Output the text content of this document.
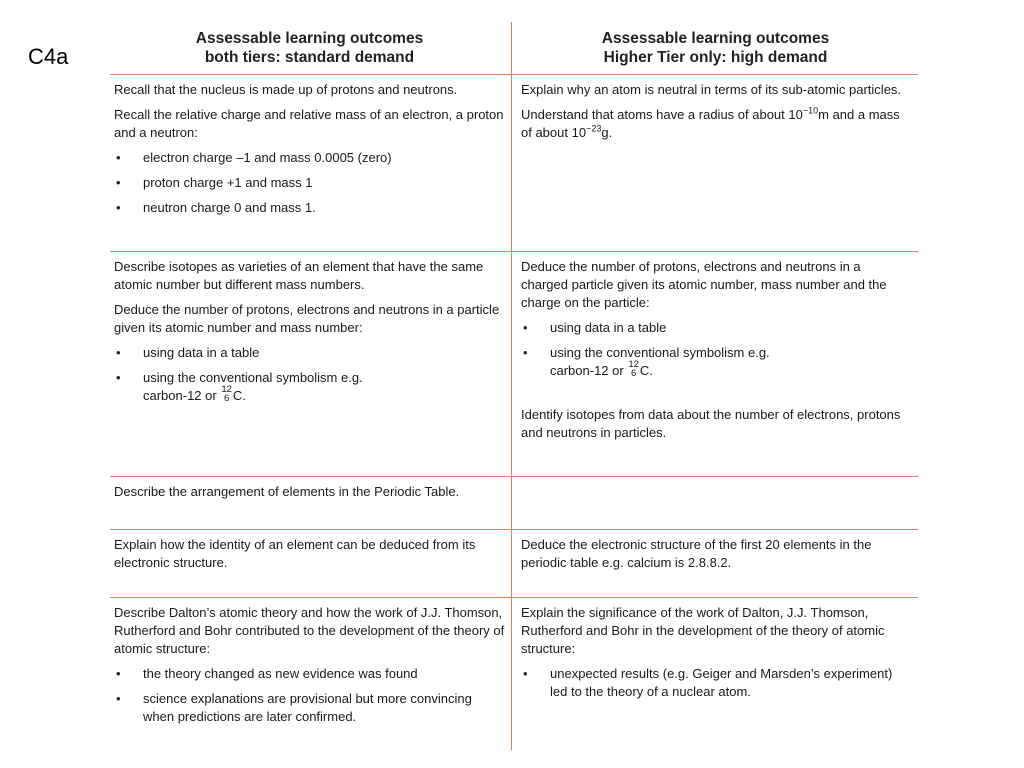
C4a
Assessable learning outcomes
both tiers: standard demand
Assessable learning outcomes
Higher Tier only: high demand

Recall that the nucleus is made up of protons and neutrons.

Recall the relative charge and relative mass of an electron, a proton and a neutron:

• electron charge –1 and mass 0.0005 (zero)
• proton charge +1 and mass 1
• neutron charge 0 and mass 1.

Explain why an atom is neutral in terms of its sub-atomic particles.

Understand that atoms have a radius of about $10^{-10}m$ and a mass of about $10^{-23}g$.

Describe isotopes as varieties of an element that have the same atomic number but different mass numbers.

Deduce the number of protons, electrons and neutrons in a particle given its atomic number and mass number:

• using data in a table
• using the conventional symbolism e.g.
carbon-12 or 12
6 C.

Deduce the number of protons, electrons and neutrons in a charged particle given its atomic number, mass number and the charge on the particle:

• using data in a table
• using the conventional symbolism e.g.
carbon-12 or 12
6 C.

Identify isotopes from data about the number of electrons, protons and neutrons in particles.

Describe the arrangement of elements in the Periodic Table.

Explain how the identity of an element can be deduced from its electronic structure.

Deduce the electronic structure of the first 20 elements in the periodic table e.g. calcium is 2.8.8.2.

Describe Dalton’s atomic theory and how the work of J.J. Thomson, Rutherford and Bohr contributed to the development of the theory of atomic structure:

• the theory changed as new evidence was found
• science explanations are provisional but more convincing when predictions are later confirmed.

Explain the significance of the work of Dalton, J.J. Thomson, Rutherford and Bohr in the development of the theory of atomic structure:

• unexpected results (e.g. Geiger and Marsden’s experiment) led to the theory of a nuclear atom.
